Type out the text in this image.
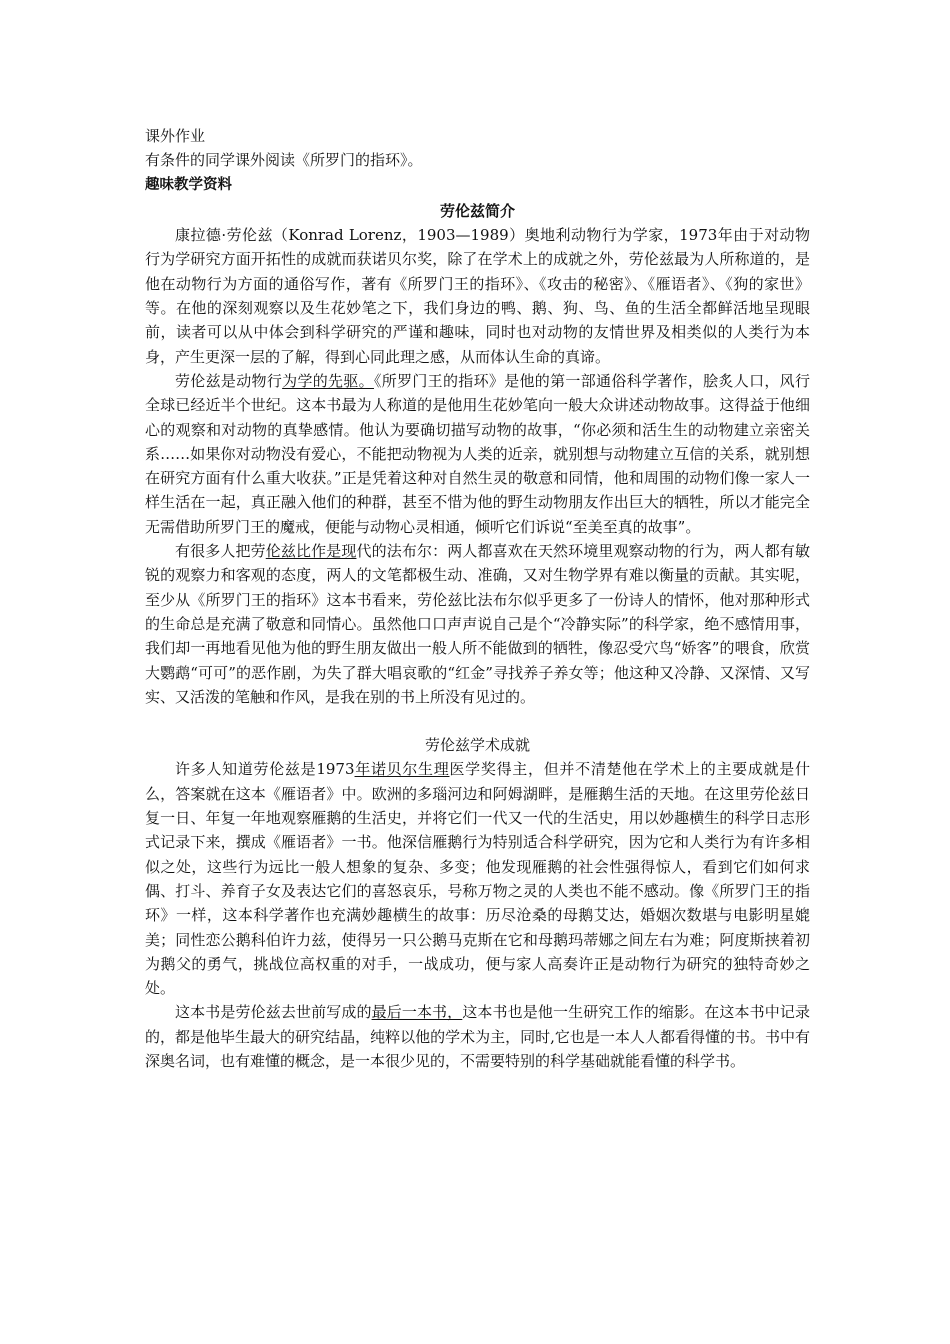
课外作业

有条件的同学课外阅读《所罗门的指环》。

趣味教学资料

劳伦兹简介

康拉德·劳伦兹（Konrad Lorenz，1903—1989）奥地利动物行为学家，1973年由于对动物行为学研究方面开拓性的成就而获诺贝尔奖，除了在学术上的成就之外，劳伦兹最为人所称道的，是他在动物行为方面的通俗写作，著有《所罗门王的指环》、《攻击的秘密》、《雁语者》、《狗的家世》等。在他的深刻观察以及生花妙笔之下，我们身边的鸭、鹅、狗、鸟、鱼的生活全都鲜活地呈现眼前，读者可以从中体会到科学研究的严谨和趣味，同时也对动物的友情世界及相类似的人类行为本身，产生更深一层的了解，得到心同此理之感，从而体认生命的真谛。

劳伦兹是动物行为学的先驱。《所罗门王的指环》是他的第一部通俗科学著作，脍炙人口，风行全球已经近半个世纪。这本书最为人称道的是他用生花妙笔向一般大众讲述动物故事。这得益于他细心的观察和对动物的真挚感情。他认为要确切描写动物的故事，“你必须和活生生的动物建立亲密关系……如果你对动物没有爱心，不能把动物视为人类的近亲，就别想与动物建立互信的关系，就别想在研究方面有什么重大收获。”正是凭着这种对自然生灵的敬意和同情，他和周围的动物们像一家人一样生活在一起，真正融入他们的种群，甚至不惜为他的野生动物朋友作出巨大的牺牲，所以才能完全无需借助所罗门王的魔戒，便能与动物心灵相通，倾听它们诉说“至美至真的故事”。

有很多人把劳伦兹比作是现代的法布尔：两人都喜欢在天然环境里观察动物的行为，两人都有敏锐的观察力和客观的态度，两人的文笔都极生动、准确，又对生物学界有难以衡量的贡献。其实呢，至少从《所罗门王的指环》这本书看来，劳伦兹比法布尔似乎更多了一份诗人的情怀，他对那种形式的生命总是充满了敬意和同情心。虽然他口口声声说自己是个“冷静实际”的科学家，绝不感情用事，我们却一再地看见他为他的野生朋友做出一般人所不能做到的牺牲，像忍受穴鸟“娇客”的喂食，欣赏大鹦鹉“可可”的恶作剧，为失了群大唱哀歌的“红金”寻找养子养女等；他这种又冷静、又深情、又写实、又活泼的笔触和作风，是我在别的书上所没有见过的。

劳伦兹学术成就

许多人知道劳伦兹是1973年诺贝尔生理医学奖得主，但并不清楚他在学术上的主要成就是什么，答案就在这本《雁语者》中。欧洲的多瑙河边和阿姆湖畔，是雁鹅生活的天地。在这里劳伦兹日复一日、年复一年地观察雁鹅的生活史，并将它们一代又一代的生活史，用以妙趣横生的科学日志形式记录下来，撰成《雁语者》一书。他深信雁鹅行为特别适合科学研究，因为它和人类行为有许多相似之处，这些行为远比一般人想象的复杂、多变；他发现雁鹅的社会性强得惊人，看到它们如何求偶、打斗、养育子女及表达它们的喜怒哀乐，号称万物之灵的人类也不能不感动。像《所罗门王的指环》一样，这本科学著作也充满妙趣横生的故事：历尽沧桑的母鹅艾达，婚姻次数堪与电影明星媲美；同性恋公鹅科伯许力兹，使得另一只公鹅马克斯在它和母鹅玛蒂娜之间左右为难；阿度斯挟着初为鹅父的勇气，挑战位高权重的对手，一战成功，便与家人高奏许正是动物行为研究的独特奇妙之处。

这本书是劳伦兹去世前写成的最后一本书，这本书也是他一生研究工作的缩影。在这本书中记录的，都是他毕生最大的研究结晶，纯粹以他的学术为主，同时,它也是一本人人都看得懂的书。书中有深奥名词，也有难懂的概念，是一本很少见的，不需要特别的科学基础就能看懂的科学书。
